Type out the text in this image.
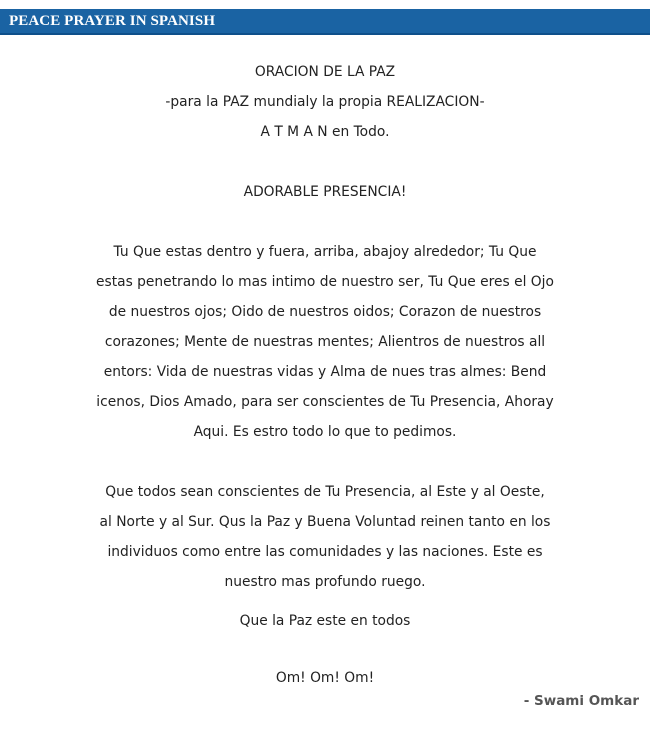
PEACE PRAYER IN SPANISH
ORACION DE LA PAZ
-para la PAZ mundialy la propia REALIZACION-
A T M A N en Todo.
ADORABLE PRESENCIA!
Tu Que estas dentro y fuera, arriba, abajoy alrededor; Tu Que
estas penetrando lo mas intimo de nuestro ser, Tu Que eres el Ojo
de nuestros ojos; Oido de nuestros oidos; Corazon de nuestros
corazones; Mente de nuestras mentes; Alientros de nuestros all
entors: Vida de nuestras vidas y Alma de nues tras almes: Bend
icenos, Dios Amado, para ser conscientes de Tu Presencia, Ahoray
Aqui. Es estro todo lo que to pedimos.
Que todos sean conscientes de Tu Presencia, al Este y al Oeste,
al Norte y al Sur. Qus la Paz y Buena Voluntad reinen tanto en los
individuos como entre las comunidades y las naciones. Este es
nuestro mas profundo ruego.
Que la Paz este en todos
Om! Om! Om!
- Swami Omkar
